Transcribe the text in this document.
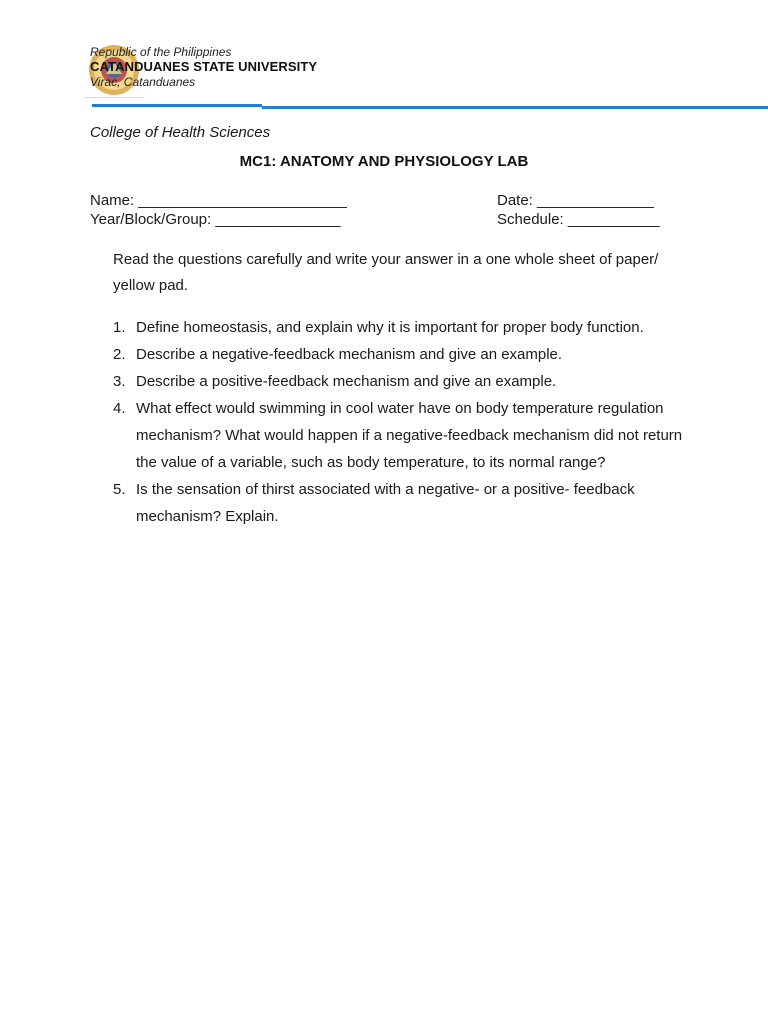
Republic of the Philippines
CATANDUANES STATE UNIVERSITY
Virac, Catanduanes
College of Health Sciences
MC1: ANATOMY AND PHYSIOLOGY LAB
Name: _________________________
Year/Block/Group: _______________
Date: ______________
Schedule: ___________
Read the questions carefully and write your answer in a one whole sheet of paper/ yellow pad.
1. Define homeostasis, and explain why it is important for proper body function.
2. Describe a negative-feedback mechanism and give an example.
3. Describe a positive-feedback mechanism and give an example.
4. What effect would swimming in cool water have on body temperature regulation mechanism? What would happen if a negative-feedback mechanism did not return the value of a variable, such as body temperature, to its normal range?
5. Is the sensation of thirst associated with a negative- or a positive- feedback mechanism? Explain.
